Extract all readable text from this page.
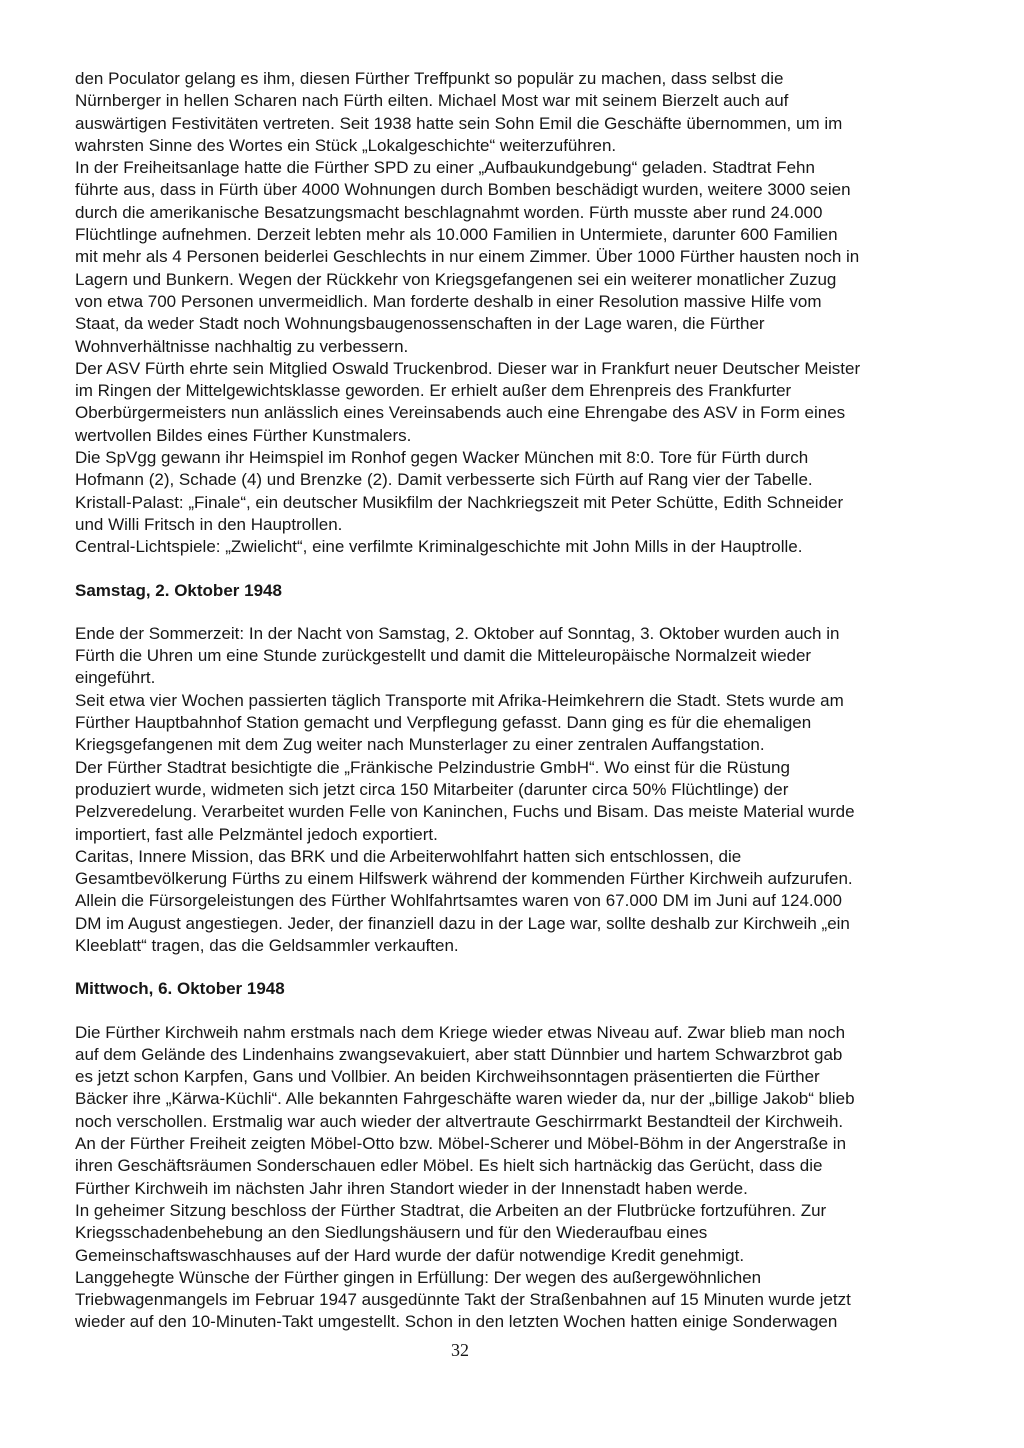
den Poculator gelang es ihm, diesen Fürther Treffpunkt so populär zu machen, dass selbst die
Nürnberger in hellen Scharen nach Fürth eilten. Michael Most war mit seinem Bierzelt auch auf
auswärtigen Festivitäten vertreten. Seit 1938 hatte sein Sohn Emil die Geschäfte übernommen, um im
wahrsten Sinne des Wortes ein Stück „Lokalgeschichte“ weiterzuführen.
In der Freiheitsanlage hatte die Fürther SPD zu einer „Aufbaukundgebung“ geladen. Stadtrat Fehn
führte aus, dass in Fürth über 4000 Wohnungen durch Bomben beschädigt wurden, weitere 3000 seien
durch die amerikanische Besatzungsmacht beschlagnahmt worden. Fürth musste aber rund 24.000
Flüchtlinge aufnehmen. Derzeit lebten mehr als 10.000 Familien in Untermiete, darunter 600 Familien
mit mehr als 4 Personen beiderlei Geschlechts in nur einem Zimmer. Über 1000 Fürther hausten noch in
Lagern und Bunkern. Wegen der Rückkehr von Kriegsgefangenen sei ein weiterer monatlicher Zuzug
von etwa 700 Personen unvermeidlich. Man forderte deshalb in einer Resolution massive Hilfe vom
Staat, da weder Stadt noch Wohnungsbaugenossenschaften in der Lage waren, die Fürther
Wohnverhältnisse nachhaltig zu verbessern.
Der ASV Fürth ehrte sein Mitglied Oswald Truckenbrod. Dieser war in Frankfurt neuer Deutscher Meister
im Ringen der Mittelgewichtsklasse geworden. Er erhielt außer dem Ehrenpreis des Frankfurter
Oberbürgermeisters nun anlässlich eines Vereinsabends auch eine Ehrengabe des ASV in Form eines
wertvollen Bildes eines Fürther Kunstmalers.
Die SpVgg gewann ihr Heimspiel im Ronhof gegen Wacker München mit 8:0. Tore für Fürth durch
Hofmann (2), Schade (4) und Brenzke (2). Damit verbesserte sich Fürth auf Rang vier der Tabelle.
Kristall-Palast: „Finale“, ein deutscher Musikfilm der Nachkriegszeit mit Peter Schütte, Edith Schneider
und Willi Fritsch in den Hauptrollen.
Central-Lichtspiele: „Zwielicht“, eine verfilmte Kriminalgeschichte mit John Mills in der Hauptrolle.
Samstag, 2. Oktober 1948
Ende der Sommerzeit: In der Nacht von Samstag, 2. Oktober auf Sonntag, 3. Oktober wurden auch in
Fürth die Uhren um eine Stunde zurückgestellt und damit die Mitteleuropäische Normalzeit wieder
eingeführt.
Seit etwa vier Wochen passierten täglich Transporte mit Afrika-Heimkehrern die Stadt. Stets wurde am
Fürther Hauptbahnhof Station gemacht und Verpflegung gefasst. Dann ging es für die ehemaligen
Kriegsgefangenen mit dem Zug weiter nach Munsterlager zu einer zentralen Auffangstation.
Der Fürther Stadtrat besichtigte die „Fränkische Pelzindustrie GmbH“. Wo einst für die Rüstung
produziert wurde, widmeten sich jetzt circa 150 Mitarbeiter (darunter circa 50% Flüchtlinge) der
Pelzveredelung. Verarbeitet wurden Felle von Kaninchen, Fuchs und Bisam. Das meiste Material wurde
importiert, fast alle Pelzmäntel jedoch exportiert.
Caritas, Innere Mission, das BRK und die Arbeiterwohlfahrt hatten sich entschlossen, die
Gesamtbevölkerung Fürths zu einem Hilfswerk während der kommenden Fürther Kirchweih aufzurufen.
Allein die Fürsorgeleistungen des Fürther Wohlfahrtsamtes waren von 67.000 DM im Juni auf 124.000
DM im August angestiegen. Jeder, der finanziell dazu in der Lage war, sollte deshalb zur Kirchweih „ein
Kleeblatt“ tragen, das die Geldsammler verkauften.
Mittwoch, 6. Oktober 1948
Die Fürther Kirchweih nahm erstmals nach dem Kriege wieder etwas Niveau auf. Zwar blieb man noch
auf dem Gelände des Lindenhains zwangsevakuiert, aber statt Dünnbier und hartem Schwarzbrot gab
es jetzt schon Karpfen, Gans und Vollbier. An beiden Kirchweihsonntagen präsentierten die Fürther
Bäcker ihre „Kärwa-Küchli“. Alle bekannten Fahrgeschäfte waren wieder da, nur der „billige Jakob“ blieb
noch verschollen. Erstmalig war auch wieder der altvertraute Geschirrmarkt Bestandteil der Kirchweih.
An der Fürther Freiheit zeigten Möbel-Otto bzw. Möbel-Scherer und Möbel-Böhm in der Angerstraße in
ihren Geschäftsräumen Sonderschauen edler Möbel. Es hielt sich hartnäckig das Gerücht, dass die
Fürther Kirchweih im nächsten Jahr ihren Standort wieder in der Innenstadt haben werde.
In geheimer Sitzung beschloss der Fürther Stadtrat, die Arbeiten an der Flutbrücke fortzuführen. Zur
Kriegsschadenbehebung an den Siedlungshäusern und für den Wiederaufbau eines
Gemeinschaftswaschhauses auf der Hard wurde der dafür notwendige Kredit genehmigt.
Langgehegte Wünsche der Fürther gingen in Erfüllung: Der wegen des außergewöhnlichen
Triebwagenmangels im Februar 1947 ausgedünnte Takt der Straßenbahnen auf 15 Minuten wurde jetzt
wieder auf den 10-Minuten-Takt umgestellt. Schon in den letzten Wochen hatten einige Sonderwagen
32
